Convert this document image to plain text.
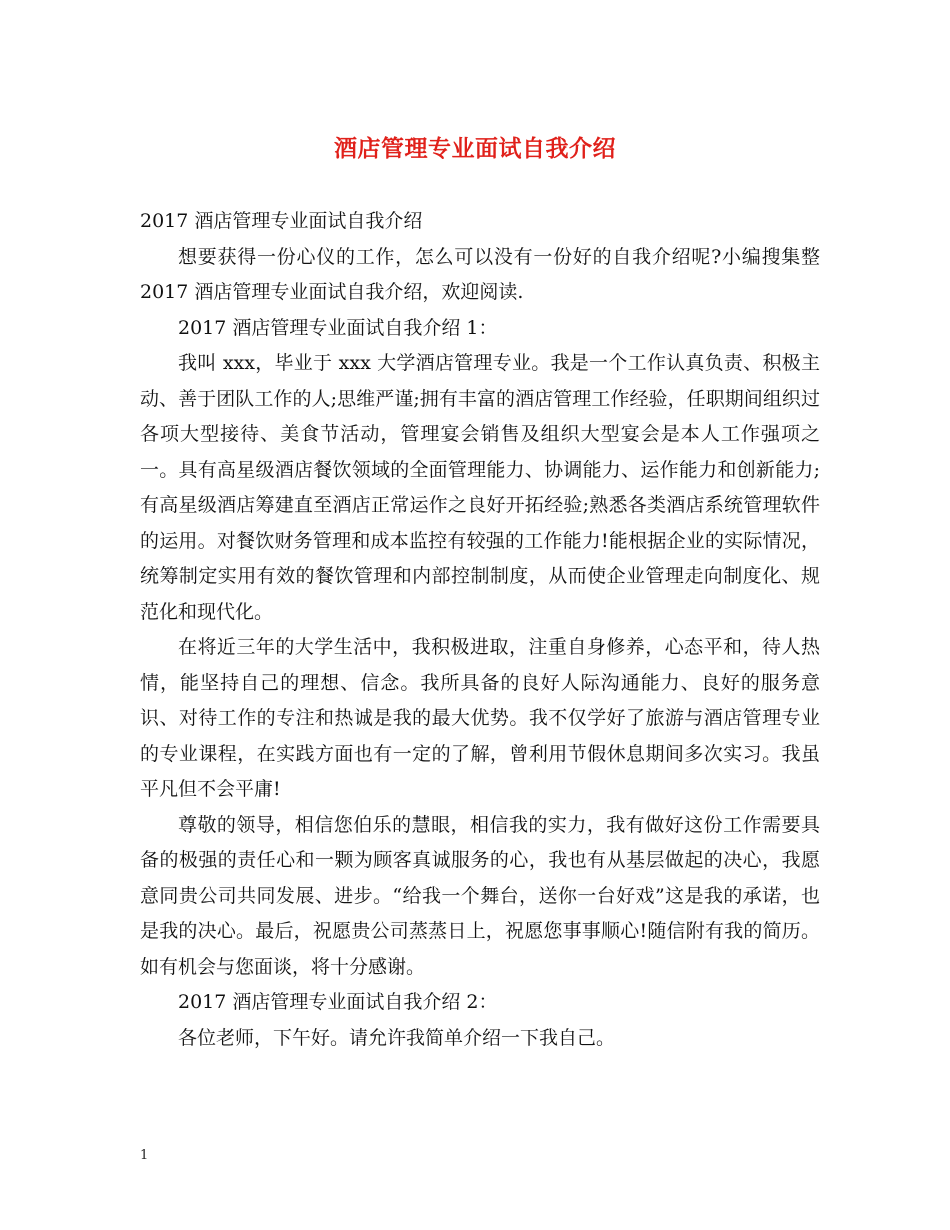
酒店管理专业面试自我介绍

2017 酒店管理专业面试自我介绍

想要获得一份心仪的工作，怎么可以没有一份好的自我介绍呢?小编搜集整 2017 酒店管理专业面试自我介绍，欢迎阅读.

2017 酒店管理专业面试自我介绍 1：

我叫 xxx，毕业于 xxx 大学酒店管理专业。我是一个工作认真负责、积极主动、善于团队工作的人;思维严谨;拥有丰富的酒店管理工作经验，任职期间组织过各项大型接待、美食节活动，管理宴会销售及组织大型宴会是本人工作强项之一。具有高星级酒店餐饮领域的全面管理能力、协调能力、运作能力和创新能力;有高星级酒店筹建直至酒店正常运作之良好开拓经验;熟悉各类酒店系统管理软件的运用。对餐饮财务管理和成本监控有较强的工作能力!能根据企业的实际情况，统筹制定实用有效的餐饮管理和内部控制制度，从而使企业管理走向制度化、规范化和现代化。

在将近三年的大学生活中，我积极进取，注重自身修养，心态平和，待人热情，能坚持自己的理想、信念。我所具备的良好人际沟通能力、良好的服务意识、对待工作的专注和热诚是我的最大优势。我不仅学好了旅游与酒店管理专业的专业课程，在实践方面也有一定的了解，曾利用节假休息期间多次实习。我虽平凡但不会平庸!

尊敬的领导，相信您伯乐的慧眼，相信我的实力，我有做好这份工作需要具备的极强的责任心和一颗为顾客真诚服务的心，我也有从基层做起的决心，我愿意同贵公司共同发展、进步。“给我一个舞台，送你一台好戏”这是我的承诺，也是我的决心。最后，祝愿贵公司蒸蒸日上，祝愿您事事顺心!随信附有我的简历。如有机会与您面谈，将十分感谢。

2017 酒店管理专业面试自我介绍 2：

各位老师，下午好。请允许我简单介绍一下我自己。

1
